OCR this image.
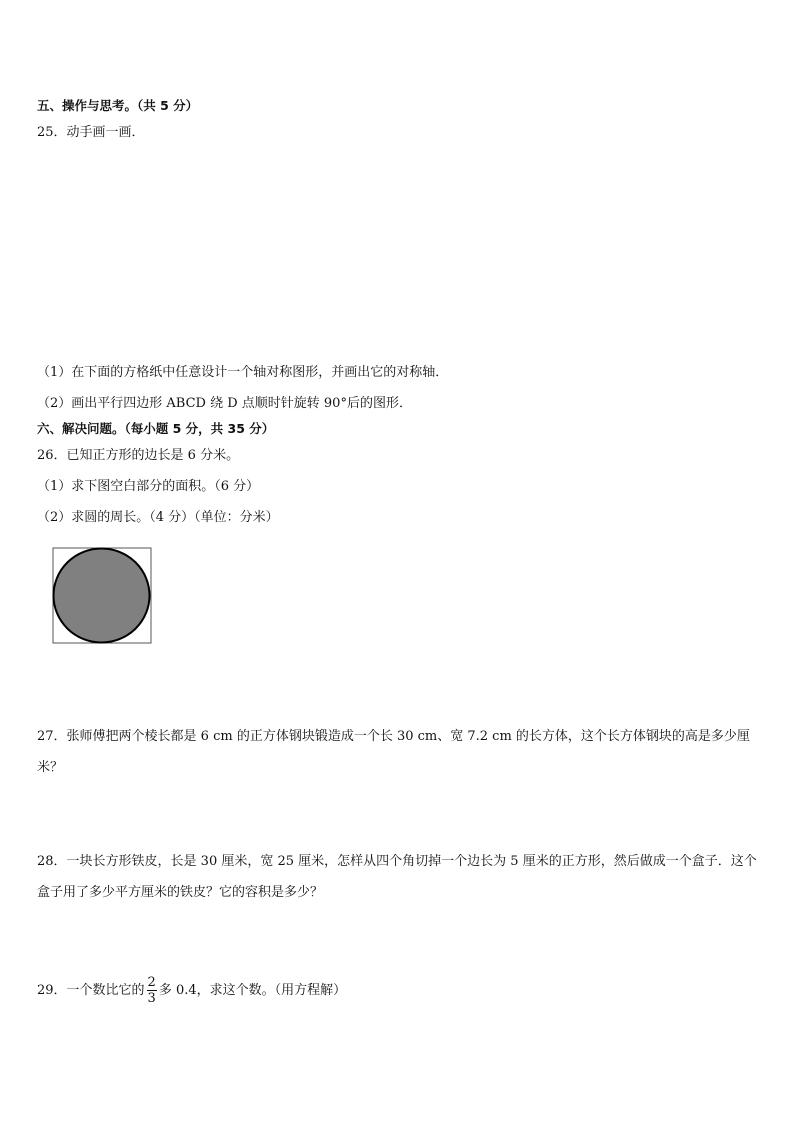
五、操作与思考。（共 5 分）
25．动手画一画．
（1）在下面的方格纸中任意设计一个轴对称图形，并画出它的对称轴．
（2）画出平行四边形 ABCD 绕 D 点顺时针旋转 90°后的图形．
六、解决问题。（每小题 5 分，共 35 分）
26．已知正方形的边长是 6 分米。
（1）求下图空白部分的面积。（6 分）
（2）求圆的周长。（4 分）（单位：分米）
27．张师傅把两个棱长都是 6 cm 的正方体钢块锻造成一个长 30 cm、宽 7.2 cm 的长方体，这个长方体钢块的高是多少厘米？
28．一块长方形铁皮，长是 30 厘米，宽 25 厘米，怎样从四个角切掉一个边长为 5 厘米的正方形，然后做成一个盒子．这个盒子用了多少平方厘米的铁皮？它的容积是多少？
29．一个数比它的 $\frac{2}{3}$ 多 0.4，求这个数。（用方程解）
